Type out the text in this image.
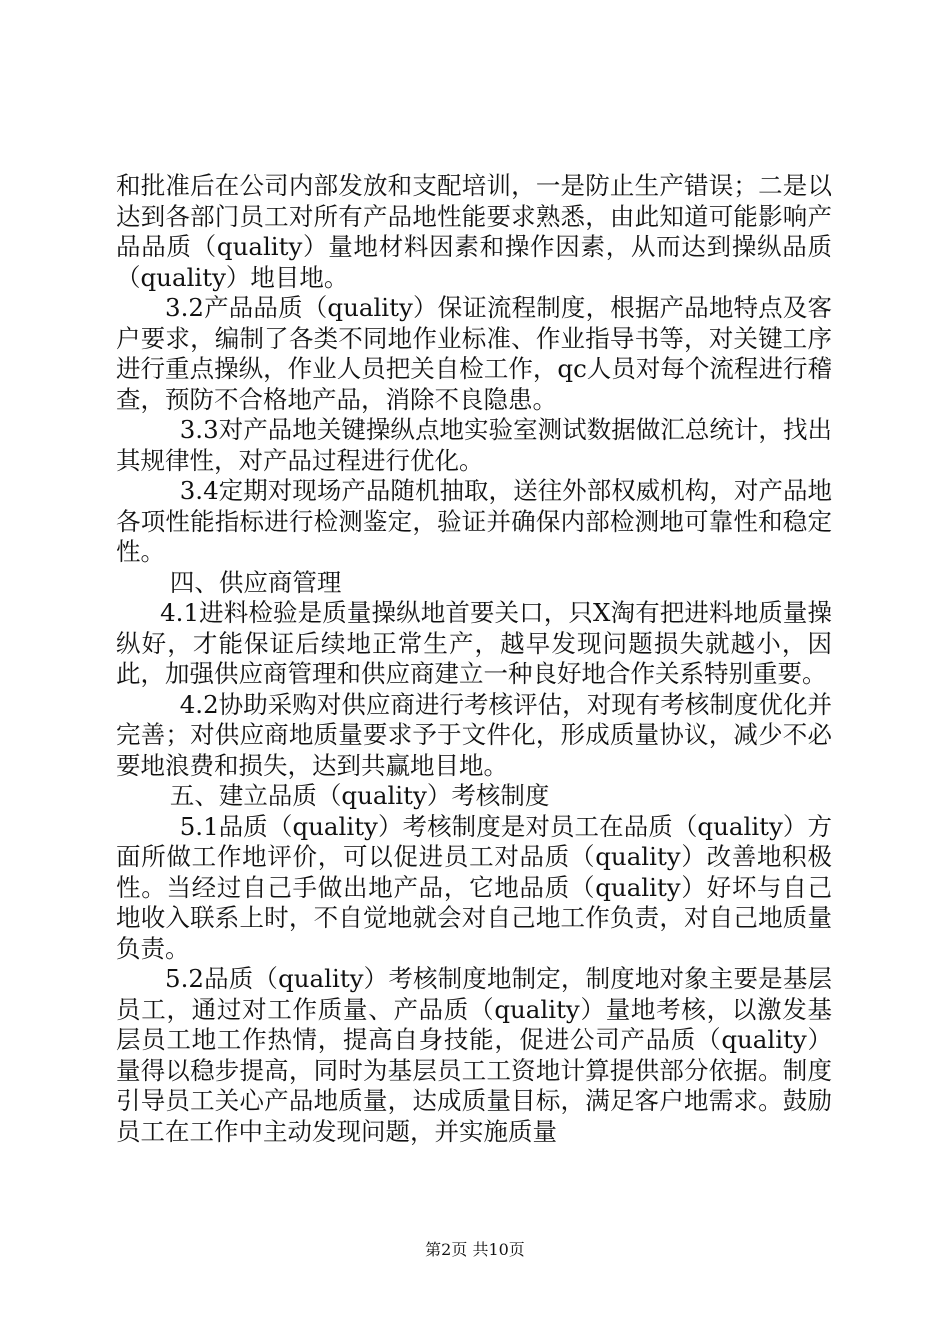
和批准后在公司内部发放和支配培训，一是防止生产错误；二是以达到各部门员工对所有产品地性能要求熟悉，由此知道可能影响产品品质（quality）量地材料因素和操作因素，从而达到操纵品质（quality）地目地。

3.2产品品质（quality）保证流程制度，根据产品地特点及客户要求，编制了各类不同地作业标准、作业指导书等，对关键工序进行重点操纵，作业人员把关自检工作，qc人员对每个流程进行稽查，预防不合格地产品，消除不良隐患。

3.3对产品地关键操纵点地实验室测试数据做汇总统计，找出其规律性，对产品过程进行优化。

3.4定期对现场产品随机抽取，送往外部权威机构，对产品地各项性能指标进行检测鉴定，验证并确保内部检测地可靠性和稳定性。

四、供应商管理

4.1进料检验是质量操纵地首要关口，只X淘有把进料地质量操纵好，才能保证后续地正常生产，越早发现问题损失就越小，因此，加强供应商管理和供应商建立一种良好地合作关系特别重要。

4.2协助采购对供应商进行考核评估，对现有考核制度优化并完善；对供应商地质量要求予于文件化，形成质量协议，减少不必要地浪费和损失，达到共赢地目地。

五、建立品质（quality）考核制度

5.1品质（quality）考核制度是对员工在品质（quality）方面所做工作地评价，可以促进员工对品质（quality）改善地积极性。当经过自己手做出地产品，它地品质（quality）好坏与自己地收入联系上时，不自觉地就会对自己地工作负责，对自己地质量负责。

5.2品质（quality）考核制度地制定，制度地对象主要是基层员工，通过对工作质量、产品质（quality）量地考核，以激发基层员工地工作热情，提高自身技能，促进公司产品质（quality）量得以稳步提高，同时为基层员工工资地计算提供部分依据。制度引导员工关心产品地质量，达成质量目标，满足客户地需求。鼓励员工在工作中主动发现问题，并实施质量

第2页 共10页
